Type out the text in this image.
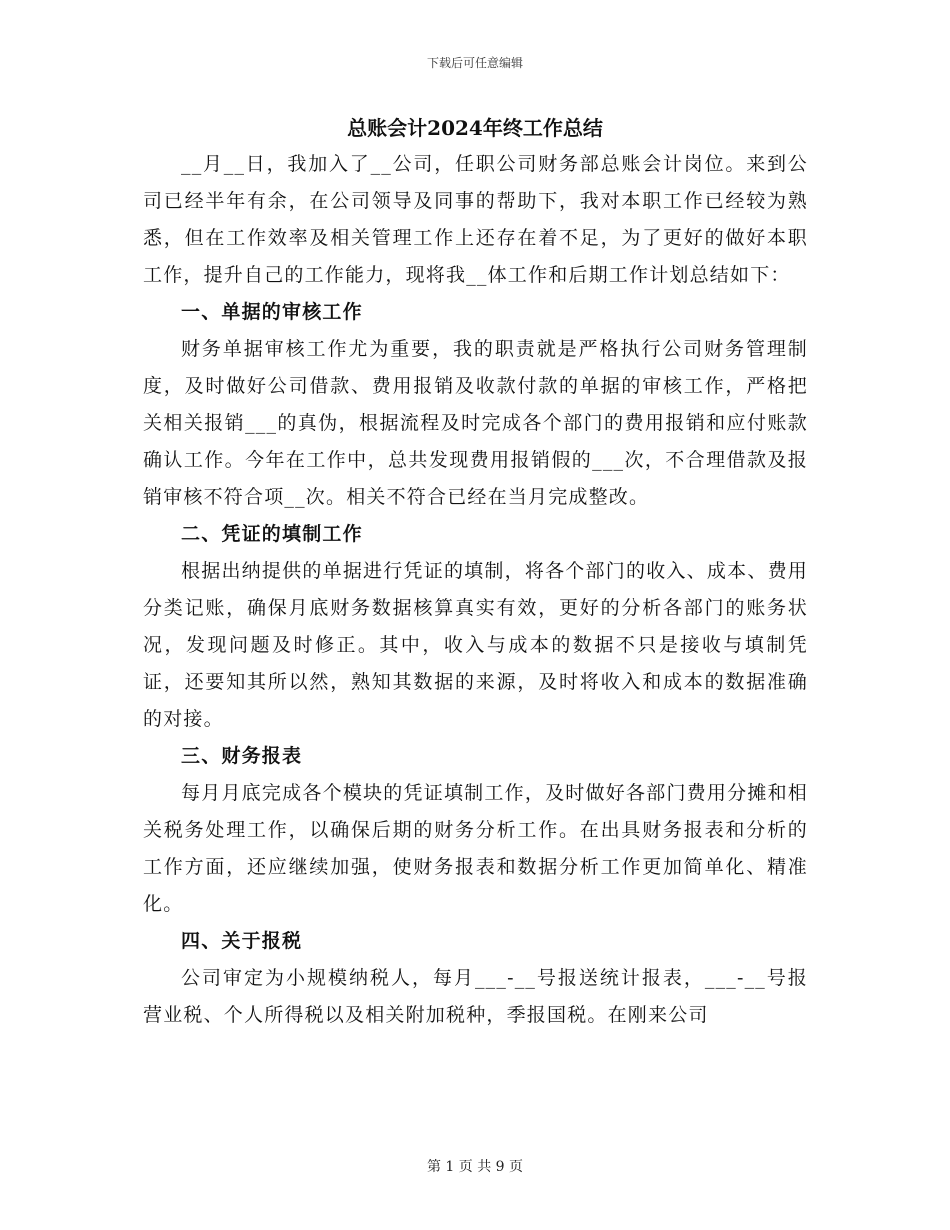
下载后可任意编辑
总账会计2024年终工作总结

__月__日，我加入了__公司，任职公司财务部总账会计岗位。来到公司已经半年有余，在公司领导及同事的帮助下，我对本职工作已经较为熟悉，但在工作效率及相关管理工作上还存在着不足，为了更好的做好本职工作，提升自己的工作能力，现将我__体工作和后期工作计划总结如下：

一、单据的审核工作

财务单据审核工作尤为重要，我的职责就是严格执行公司财务管理制度，及时做好公司借款、费用报销及收款付款的单据的审核工作，严格把关相关报销___的真伪，根据流程及时完成各个部门的费用报销和应付账款确认工作。今年在工作中，总共发现费用报销假的___次，不合理借款及报销审核不符合项__次。相关不符合已经在当月完成整改。

二、凭证的填制工作

根据出纳提供的单据进行凭证的填制，将各个部门的收入、成本、费用分类记账，确保月底财务数据核算真实有效，更好的分析各部门的账务状况，发现问题及时修正。其中，收入与成本的数据不只是接收与填制凭证，还要知其所以然，熟知其数据的来源，及时将收入和成本的数据准确的对接。

三、财务报表

每月月底完成各个模块的凭证填制工作，及时做好各部门费用分摊和相关税务处理工作，以确保后期的财务分析工作。在出具财务报表和分析的工作方面，还应继续加强，使财务报表和数据分析工作更加简单化、精准化。

四、关于报税

公司审定为小规模纳税人，每月___-__号报送统计报表，___-__号报营业税、个人所得税以及相关附加税种，季报国税。在刚来公司

第 1 页 共 9 页
